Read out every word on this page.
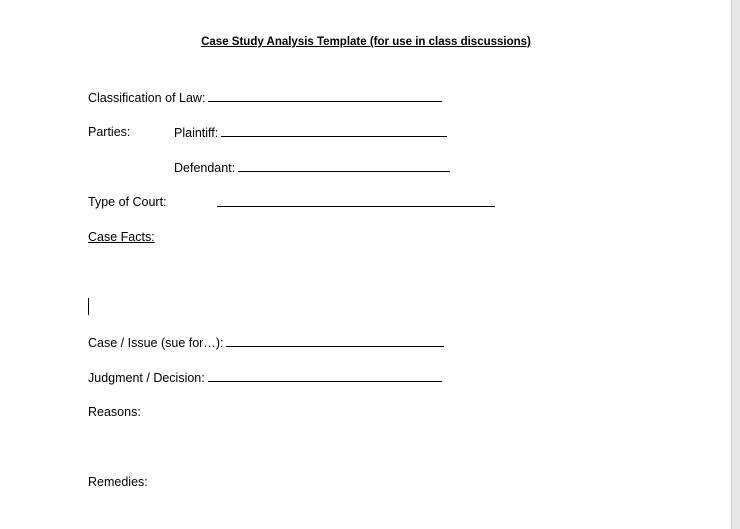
Case Study Analysis Template (for use in class discussions)
Classification of Law:
Parties:	Plaintiff:
Defendant:
Type of Court:
Case Facts:
Case / Issue (sue for…):
Judgment / Decision:
Reasons:
Remedies:
